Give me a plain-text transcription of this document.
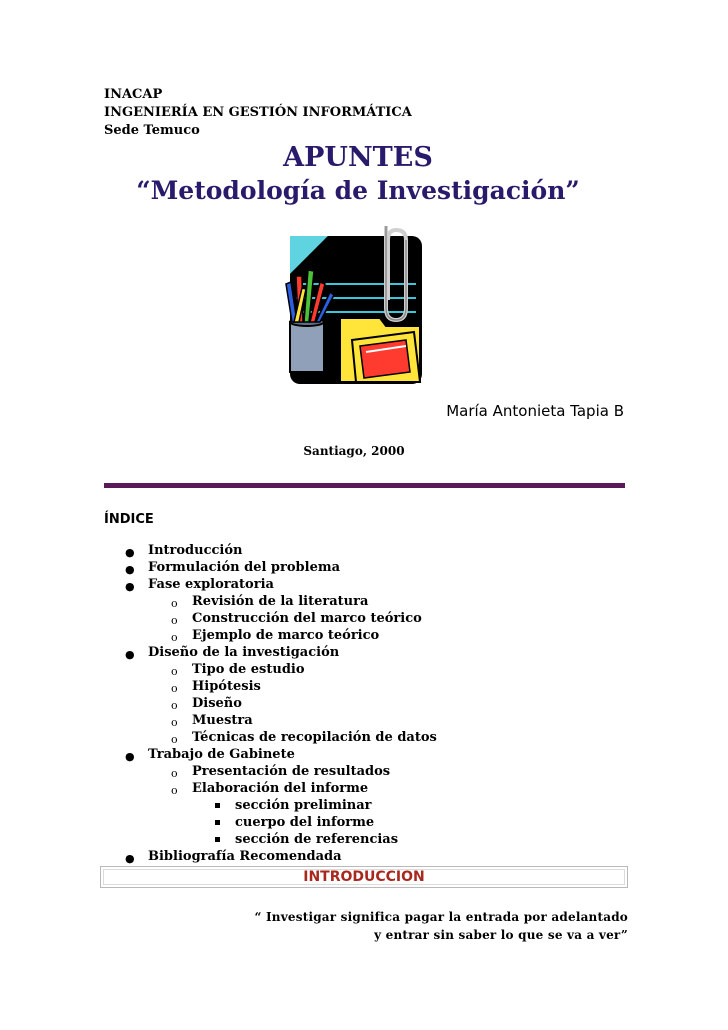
INACAP
INGENIERÍA EN GESTIÓN INFORMÁTICA
Sede Temuco
APUNTES
“Metodología de Investigación”
María Antonieta Tapia B
Santiago, 2000
ÍNDICE
● Introducción
● Formulación del problema
● Fase exploratoria
o Revisión de la literatura
o Construcción del marco teórico
o Ejemplo de marco teórico
● Diseño de la investigación
o Tipo de estudio
o Hipótesis
o Diseño
o Muestra
o Técnicas de recopilación de datos
● Trabajo de Gabinete
o Presentación de resultados
o Elaboración del informe
sección preliminar
cuerpo del informe
sección de referencias
● Bibliografía Recomendada
INTRODUCCION
“ Investigar significa pagar la entrada por adelantado
y entrar sin saber lo que se va a ver”
